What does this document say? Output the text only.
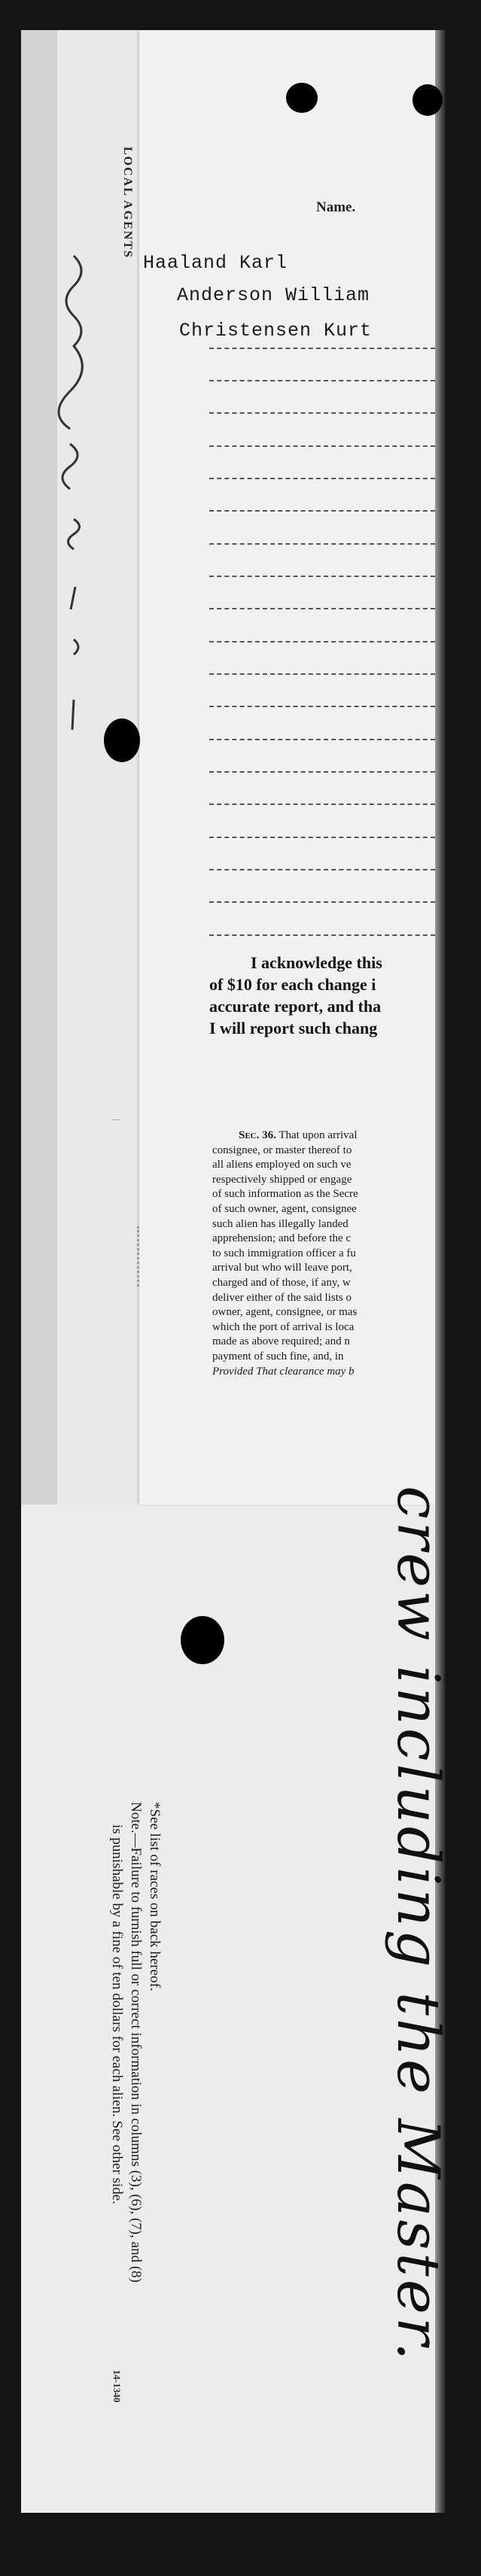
LOCAL AGENTS	Name.
Haaland Karl
Anderson William
Christensen Kurt
I acknowledge this
of $10 for each change i
accurate report, and tha
I will report such chang
Sec. 36. That upon arrival
consignee, or master thereof to
all aliens employed on such ve
respectively shipped or engage
of such information as the Secre
of such owner, agent, consignee
such alien has illegally landed
apprehension; and before the c
to such immigration officer a fu
arrival but who will leave port,
charged and of those, if any, w
deliver either of the said lists o
owner, agent, consignee, or mas
which the port of arrival is loca
made as above required; and n
payment of such fine, and, in
Provided That clearance may b
/
crew including the Master.
*See list of races on back hereof.
Note.—Failure to furnish full or correct information in columns (3), (6), (7), and (8)
is punishable by a fine of ten dollars for each alien. See other side.
14-1340
